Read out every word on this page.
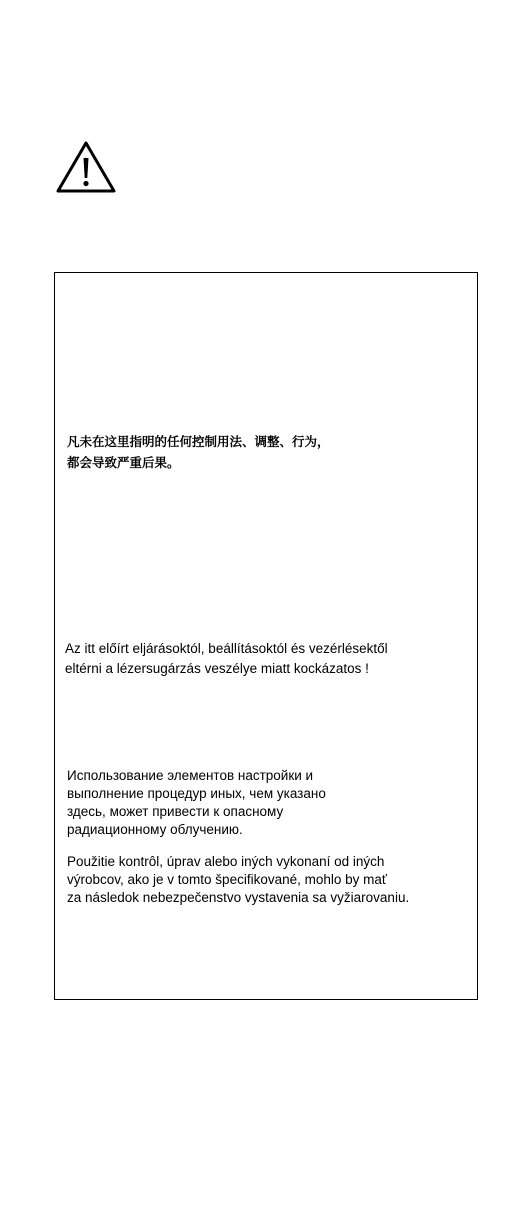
凡未在这里指明的任何控制用法、调整、行为，
都会导致严重后果。

Az itt előírt eljárásoktól, beállításoktól és vezérlésektől
eltérni a lézersugárzás veszélye miatt kockázatos !

Использование элементов настройки и
выполнение процедур иных, чем указано
здесь, может привести к опасному
радиационному облучению.

Použitie kontrôl, úprav alebo iných vykonaní od iných
výrobcov, ako je v tomto špecifikované, mohlo by mať
za následok nebezpečenstvo vystavenia sa vyžiarovaniu.
